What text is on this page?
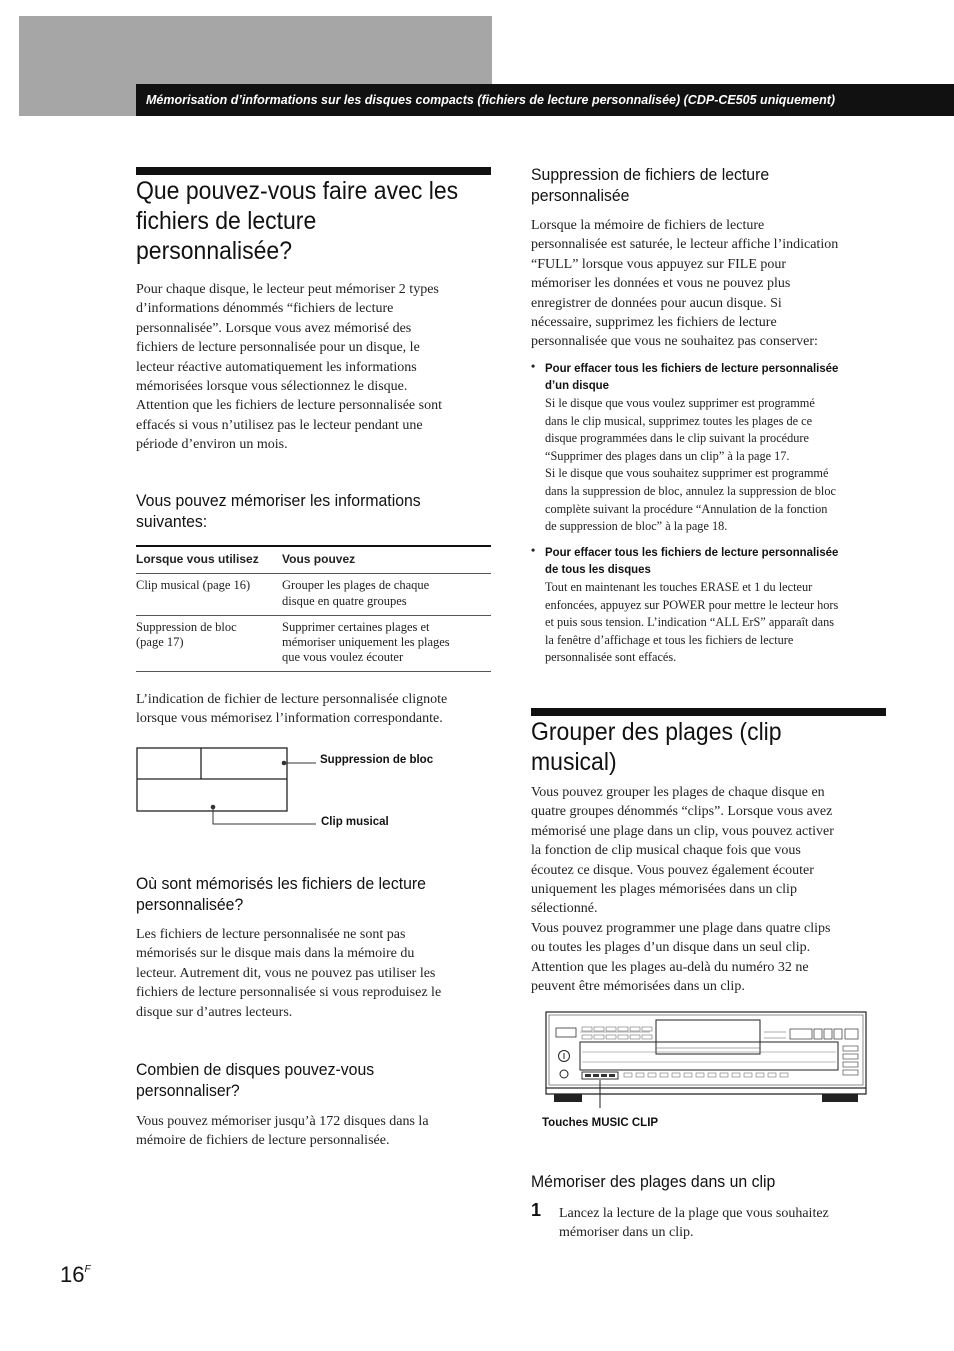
Mémorisation d’informations sur les disques compacts (fichiers de lecture personnalisée) (CDP-CE505 uniquement)
Que pouvez-vous faire avec les
fichiers de lecture
personnalisée?
Pour chaque disque, le lecteur peut mémoriser 2 types
d’informations dénommés “fichiers de lecture
personnalisée”. Lorsque vous avez mémorisé des
fichiers de lecture personnalisée pour un disque, le
lecteur réactive automatiquement les informations
mémorisées lorsque vous sélectionnez le disque.
Attention que les fichiers de lecture personnalisée sont
effacés si vous n’utilisez pas le lecteur pendant une
période d’environ un mois.
Vous pouvez mémoriser les informations
suivantes:
Lorsque vous utilisez Vous pouvez
Clip musical (page 16)	Grouper les plages de chaque
disque en quatre groupes
Suppression de bloc
(page 17)
Supprimer certaines plages et
mémoriser uniquement les plages
que vous voulez écouter
L’indication de fichier de lecture personnalisée clignote
lorsque vous mémorisez l’information correspondante.
Suppression de bloc
Clip musical
Où sont mémorisés les fichiers de lecture
personnalisée?
Les fichiers de lecture personnalisée ne sont pas
mémorisés sur le disque mais dans la mémoire du
lecteur. Autrement dit, vous ne pouvez pas utiliser les
fichiers de lecture personnalisée si vous reproduisez le
disque sur d’autres lecteurs.
Combien de disques pouvez-vous
personnaliser?
Vous pouvez mémoriser jusqu’à 172 disques dans la
mémoire de fichiers de lecture personnalisée.
Suppression de fichiers de lecture
personnalisée
Lorsque la mémoire de fichiers de lecture
personnalisée est saturée, le lecteur affiche l’indication
“FULL” lorsque vous appuyez sur FILE pour
mémoriser les données et vous ne pouvez plus
enregistrer de données pour aucun disque. Si
nécessaire, supprimez les fichiers de lecture
personnalisée que vous ne souhaitez pas conserver:
• Pour effacer tous les fichiers de lecture personnalisée
d’un disque
Si le disque que vous voulez supprimer est programmé
dans le clip musical, supprimez toutes les plages de ce
disque programmées dans le clip suivant la procédure
“Supprimer des plages dans un clip” à la page 17.
Si le disque que vous souhaitez supprimer est programmé
dans la suppression de bloc, annulez la suppression de bloc
complète suivant la procédure “Annulation de la fonction
de suppression de bloc” à la page 18.
• Pour effacer tous les fichiers de lecture personnalisée
de tous les disques
Tout en maintenant les touches ERASE et 1 du lecteur
enfoncées, appuyez sur POWER pour mettre le lecteur hors
et puis sous tension. L’indication “ALL ErS” apparaît dans
la fenêtre d’affichage et tous les fichiers de lecture
personnalisée sont effacés.
Grouper des plages (clip
musical)
Vous pouvez grouper les plages de chaque disque en
quatre groupes dénommés “clips”. Lorsque vous avez
mémorisé une plage dans un clip, vous pouvez activer
la fonction de clip musical chaque fois que vous
écoutez ce disque. Vous pouvez également écouter
uniquement les plages mémorisées dans un clip
sélectionné.
Vous pouvez programmer une plage dans quatre clips
ou toutes les plages d’un disque dans un seul clip.
Attention que les plages au-delà du numéro 32 ne
peuvent être mémorisées dans un clip.
Touches MUSIC CLIP
Mémoriser des plages dans un clip
1 Lancez la lecture de la plage que vous souhaitez
mémoriser dans un clip.
$16^F$
